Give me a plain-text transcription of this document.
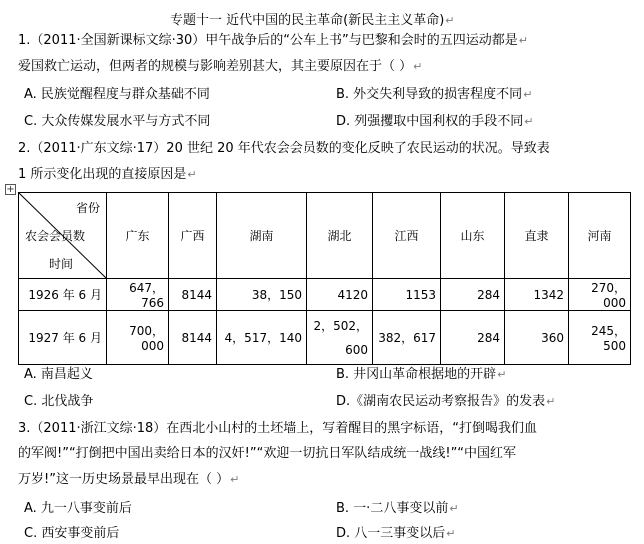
专题十一 近代中国的民主革命(新民主主义革命)↵
1.（2011·全国新课标文综·30）甲午战争后的“公车上书”与巴黎和会时的五四运动都是↵
爱国救亡运动，但两者的规模与影响差别甚大，其主要原因在于（ ）↵
A. 民族觉醒程度与群众基础不同	B. 外交失利导致的损害程度不同↵
C. 大众传媒发展水平与方式不同	D. 列强攫取中国利权的手段不同↵
2.（2011·广东文综·17）20 世纪 20 年代农会会员数的变化反映了农民运动的状况。导致表
1 所示变化出现的直接原因是↵
+
省份
农会会员数
时间	广东	广西	湖南	湖北	江西	山东	直隶	河南
1926 年 6 月	647，766	8144	38，150	4120	1153	284	1342	270，000
1927 年 6 月	700，000	8144	4，517，140	2，502，600	382，617	284	360	245，500
A. 南昌起义	B. 井冈山革命根据地的开辟↵
C. 北伐战争	D.《湖南农民运动考察报告》的发表↵
3.（2011·浙江文综·18）在西北小山村的土坯墙上，写着醒目的黑字标语，“打倒喝我们血
的军阀!”“打倒把中国出卖给日本的汉奸!”“欢迎一切抗日军队结成统一战线!”“中国红军
万岁!”这一历史场景最早出现在（ ）↵
A. 九一八事变前后	B. 一·二八事变以前↵
C. 西安事变前后	D. 八一三事变以后↵
